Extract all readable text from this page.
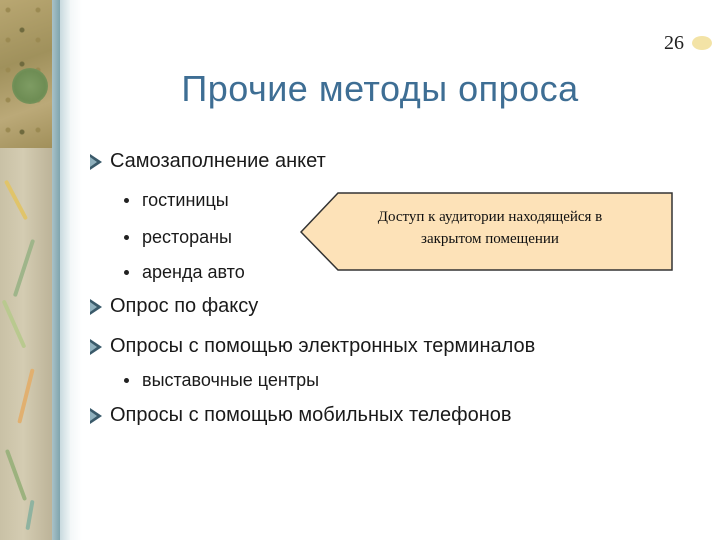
26
Прочие методы опроса
Самозаполнение анкет
гостиницы
рестораны
аренда авто
Опрос по факсу
Опросы с помощью электронных терминалов
выставочные центры
Опросы с помощью мобильных телефонов
Доступ к аудитории находящейся в
закрытом помещении
